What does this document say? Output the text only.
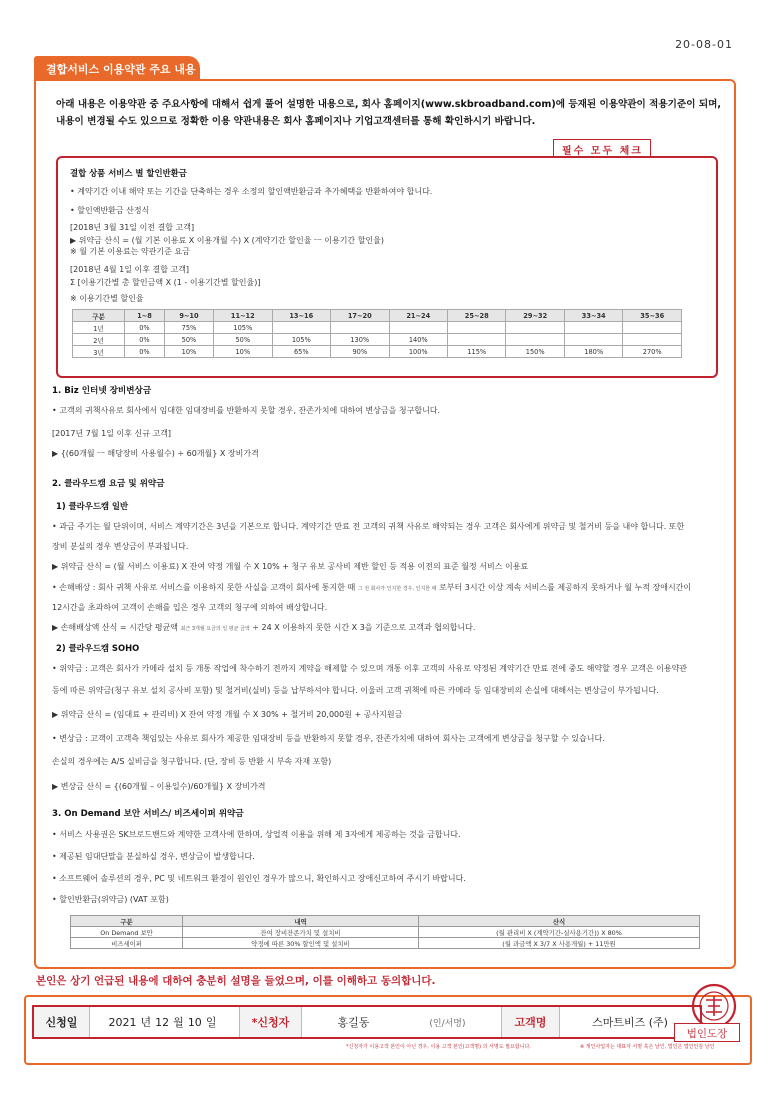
20-08-01
결합서비스 이용약관 주요 내용
아래 내용은 이용약관 중 주요사항에 대해서 쉽게 풀어 설명한 내용으로, 회사 홈페이지(www.skbroadband.com)에 등재된 이용약관이 적용기준이 되며, 내용이 변경될 수도 있으므로 정확한 이용 약관내용은 회사 홈페이지나 기업고객센터를 통해 확인하시기 바랍니다.
필수 모두 체크
결합 상품 서비스 별 할인반환금
• 계약기간 이내 해약 또는 기간을 단축하는 경우 소정의 할인액반환금과 추가혜택을 반환하여야 합니다.
• 할인액반환금 산정식
[2018년 3월 31일 이전 결합 고객]
▶ 위약금 산식 = (월 기본 이용료 X 이용개월 수) X (계약기간 할인율 ㅡ 이용기간 할인율)
※ 월 기본 이용료는 약관기준 요금
[2018년 4월 1일 이후 결합 고객]
Σ [이용기간별 총 할인금액 X (1 - 이용기간별 할인율)]
※ 이용기간별 할인율
구분	1~8	9~10	11~12	13~16	17~20	21~24	25~28	29~32	33~34	35~36
1년	0%	75%	105%							
2년	0%	50%	50%	105%	130%	140%				
3년	0%	10%	10%	65%	90%	100%	115%	150%	180%	270%
1. Biz 인터넷 장비변상금
• 고객의 귀책사유로 회사에서 임대한 임대장비를 반환하지 못할 경우, 잔존가치에 대하여 변상금을 청구합니다.
[2017년 7월 1일 이후 신규 고객]
▶ {(60개월 ㅡ 해당장비 사용월수) ÷ 60개월} X 장비가격
2. 클라우드캠 요금 및 위약금
1) 클라우드캠 일반
• 과금 주기는 월 단위이며, 서비스 계약기간은 3년을 기본으로 합니다. 계약기간 만료 전 고객의 귀책 사유로 해약되는 경우 고객은 회사에게 위약금 및 철거비 등을 내야 합니다. 또한
장비 분실의 경우 변상금이 부과됩니다.
▶ 위약금 산식 = (월 서비스 이용료) X 잔여 약정 개월 수 X 10% + 청구 유보 공사비 제반 할인 등 적용 이전의 표준 월정 서비스 이용료
• 손해배상 : 회사 귀책 사유로 서비스를 이용하지 못한 사실을 고객이 회사에 통지한 때 그 전 회사가 인지한 경우, 인지한 때 로부터 3시간 이상 계속 서비스를 제공하지 못하거나 월 누적 장애시간이
12시간을 초과하여 고객이 손해를 입은 경우 고객의 청구에 의하여 배상합니다.
▶ 손해배상액 산식 = 시간당 평균액 최근 3개월 요금의 일 평균 금액 ÷ 24 X 이용하지 못한 시간 X 3을 기준으로 고객과 협의합니다.
2) 클라우드캠 SOHO
• 위약금 : 고객은 회사가 카메라 설치 등 개통 작업에 착수하기 전까지 계약을 해제할 수 있으며 개통 이후 고객의 사유로 약정된 계약기간 만료 전에 중도 해약할 경우 고객은 이용약관
등에 따른 위약금(청구 유보 설치 공사비 포함) 및 철거비(실비) 등을 납부하셔야 합니다. 이울러 고객 귀책에 따른 카메라 등 임대장비의 손실에 대해서는 변상금이 부가됩니다.
▶ 위약금 산식 = (임대료 + 관리비) X 잔여 약정 개월 수 X 30% + 철거비 20,000원 + 공사지원금
• 변상금 : 고객이 고객측 책임있는 사유로 회사가 제공한 임대장비 등을 반환하지 못할 경우, 잔존가치에 대하여 회사는 고객에게 변상금을 청구할 수 있습니다.
손실의 경우에는 A/S 실비금을 청구합니다. (단, 장비 등 반환 시 부속 자재 포함)
▶ 변상금 산식 = {(60개월 – 이용일수)/60개월} X 장비가격
3. On Demand 보안 서비스/ 비즈세이퍼 위약금
• 서비스 사용권은 SK브로드밴드와 계약한 고객사에 한하며, 상업적 이용을 위해 제 3자에게 제공하는 것을 금합니다.
• 제공된 임대단말을 분실하실 경우, 변상금이 발생합니다.
• 소프트웨어 솔루션의 경우, PC 및 네트워크 환경이 원인인 경우가 많으니, 확인하시고 장애신고하여 주시기 바랍니다.
• 할인반환금(위약금) (VAT 포함)
구분	내역	산식
On Demand 보안	잔여 장비잔존가치 및 설치비	(월 관리비 X (계약기간-실사용기간)) X 80%
비즈세이퍼	약정에 따른 30% 할인액 및 설치비	(월 과금액 X 3/7 X 사용개월) + 11만원
본인은 상기 언급된 내용에 대하여 충분히 설명을 들었으며, 이를 이해하고 동의합니다.
신청일	2021 년 12 월 10 일	*신청자	홍길동	(인/서명)	고객명	스마트비즈 (주)
*신청자가 이용고객 본인이 아닌 경우, 이용 고객 본인(고객명) 의 서명도 필요합니다.	※ 개인사업자는 대표자 서명 혹은 날인, 법인은 법인인감 날인
법인도장
